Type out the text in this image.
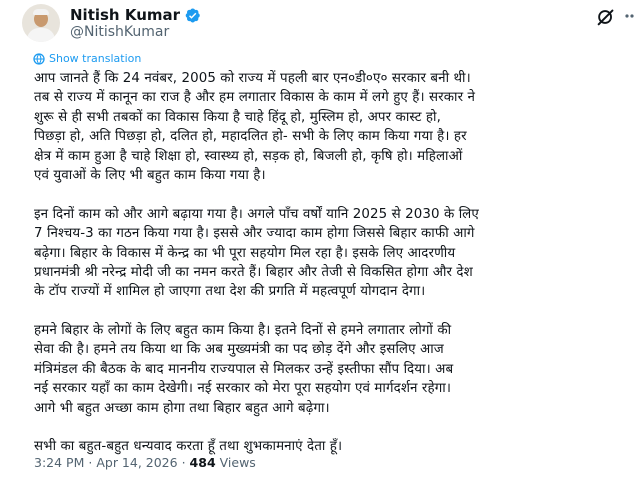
Nitish Kumar
@NitishKumar
Show translation
आप जानते हैं कि 24 नवंबर, 2005 को राज्य में पहली बार एन०डी०ए० सरकार बनी थी।
तब से राज्य में कानून का राज है और हम लगातार विकास के काम में लगे हुए हैं। सरकार ने
शुरू से ही सभी तबकों का विकास किया है चाहे हिंदू हो, मुस्लिम हो, अपर कास्ट हो,
पिछड़ा हो, अति पिछड़ा हो, दलित हो, महादलित हो- सभी के लिए काम किया गया है। हर
क्षेत्र में काम हुआ है चाहे शिक्षा हो, स्वास्थ्य हो, सड़क हो, बिजली हो, कृषि हो। महिलाओं
एवं युवाओं के लिए भी बहुत काम किया गया है।
इन दिनों काम को और आगे बढ़ाया गया है। अगले पाँच वर्षों यानि 2025 से 2030 के लिए
7 निश्चय-3 का गठन किया गया है। इससे और ज्यादा काम होगा जिससे बिहार काफी आगे
बढ़ेगा। बिहार के विकास में केन्द्र का भी पूरा सहयोग मिल रहा है। इसके लिए आदरणीय
प्रधानमंत्री श्री नरेन्द्र मोदी जी का नमन करते हैं। बिहार और तेजी से विकसित होगा और देश
के टॉप राज्यों में शामिल हो जाएगा तथा देश की प्रगति में महत्वपूर्ण योगदान देगा।
हमने बिहार के लोगों के लिए बहुत काम किया है। इतने दिनों से हमने लगातार लोगों की
सेवा की है। हमने तय किया था कि अब मुख्यमंत्री का पद छोड़ देंगे और इसलिए आज
मंत्रिमंडल की बैठक के बाद माननीय राज्यपाल से मिलकर उन्हें इस्तीफा सौंप दिया। अब
नई सरकार यहाँ का काम देखेगी। नई सरकार को मेरा पूरा सहयोग एवं मार्गदर्शन रहेगा।
आगे भी बहुत अच्छा काम होगा तथा बिहार बहुत आगे बढ़ेगा।
सभी का बहुत-बहुत धन्यवाद करता हूँ तथा शुभकामनाएं देता हूँ।
3:24 PM · Apr 14, 2026 · 484 Views
